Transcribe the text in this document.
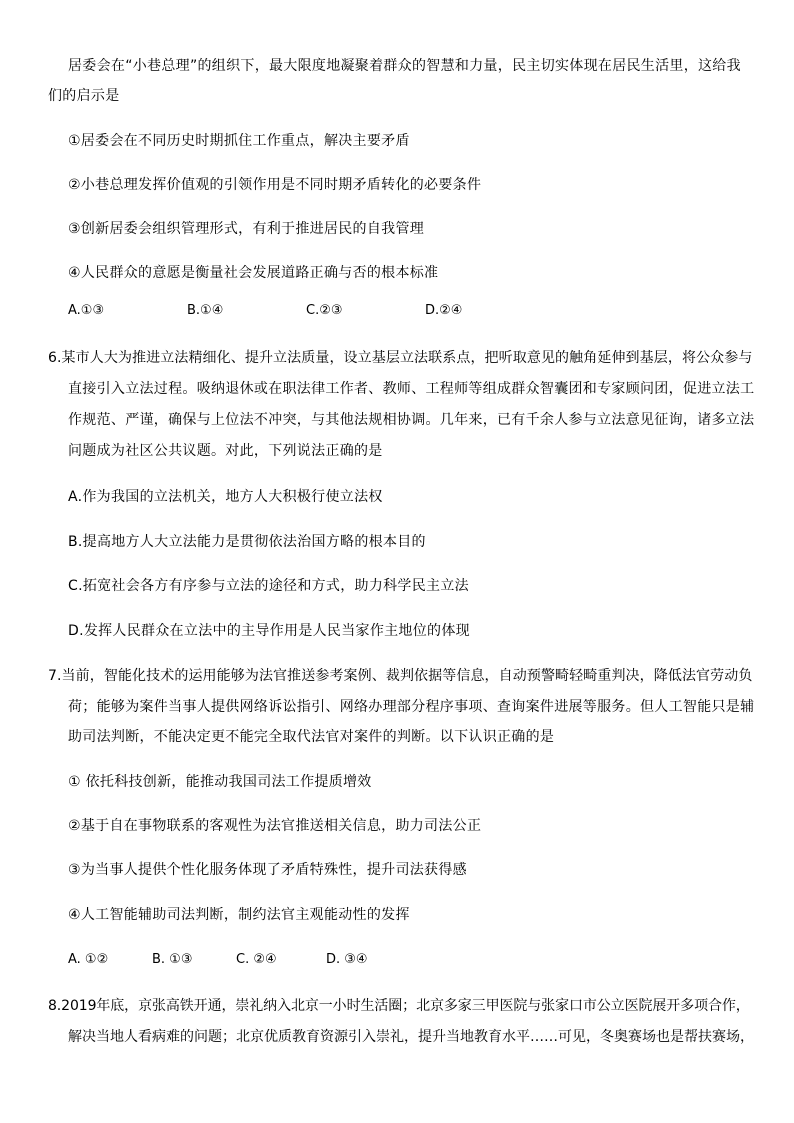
居委会在“小巷总理”的组织下，最大限度地凝聚着群众的智慧和力量，民主切实体现在居民生活里，这给我
们的启示是
①居委会在不同历史时期抓住工作重点，解决主要矛盾
②小巷总理发挥价值观的引领作用是不同时期矛盾转化的必要条件
③创新居委会组织管理形式，有利于推进居民的自我管理
④人民群众的意愿是衡量社会发展道路正确与否的根本标准
A.①③	B.①④	C.②③	D.②④
6.某市人大为推进立法精细化、提升立法质量，设立基层立法联系点，把听取意见的触角延伸到基层，将公众参与
直接引入立法过程。吸纳退休或在职法律工作者、教师、工程师等组成群众智囊团和专家顾问团，促进立法工
作规范、严谨，确保与上位法不冲突，与其他法规相协调。几年来，已有千余人参与立法意见征询，诸多立法
问题成为社区公共议题。对此，下列说法正确的是
A.作为我国的立法机关，地方人大积极行使立法权
B.提高地方人大立法能力是贯彻依法治国方略的根本目的
C.拓宽社会各方有序参与立法的途径和方式，助力科学民主立法
D.发挥人民群众在立法中的主导作用是人民当家作主地位的体现
7.当前，智能化技术的运用能够为法官推送参考案例、裁判依据等信息，自动预警畸轻畸重判决，降低法官劳动负
荷；能够为案件当事人提供网络诉讼指引、网络办理部分程序事项、查询案件进展等服务。但人工智能只是辅
助司法判断，不能决定更不能完全取代法官对案件的判断。以下认识正确的是
① 依托科技创新，能推动我国司法工作提质增效
②基于自在事物联系的客观性为法官推送相关信息，助力司法公正
③为当事人提供个性化服务体现了矛盾特殊性，提升司法获得感
④人工智能辅助司法判断，制约法官主观能动性的发挥
A. ①②	B. ①③	C. ②④	D. ③④
8.2019年底，京张高铁开通，崇礼纳入北京一小时生活圈；北京多家三甲医院与张家口市公立医院展开多项合作，
解决当地人看病难的问题；北京优质教育资源引入崇礼，提升当地教育水平……可见，冬奥赛场也是帮扶赛场，
